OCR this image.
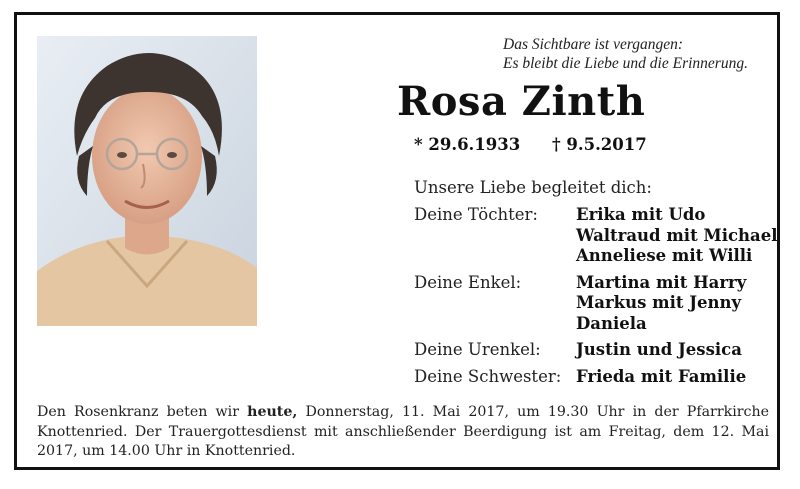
Das Sichtbare ist vergangen:
Es bleibt die Liebe und die Erinnerung.
Rosa Zinth
* 29.6.1933 † 9.5.2017
Unsere Liebe begleitet dich:
Deine Töchter:	Erika mit Udo
Waltraud mit Michael
Anneliese mit Willi
Deine Enkel:	Martina mit Harry
Markus mit Jenny
Daniela
Deine Urenkel:	Justin und Jessica
Deine Schwester: Frieda mit Familie
Den Rosenkranz beten wir heute, Donnerstag, 11. Mai 2017, um 19.30 Uhr in der Pfarrkirche Knottenried. Der Trauergottesdienst mit anschließender Beerdigung ist am Freitag, dem 12. Mai 2017, um 14.00 Uhr in Knottenried.
